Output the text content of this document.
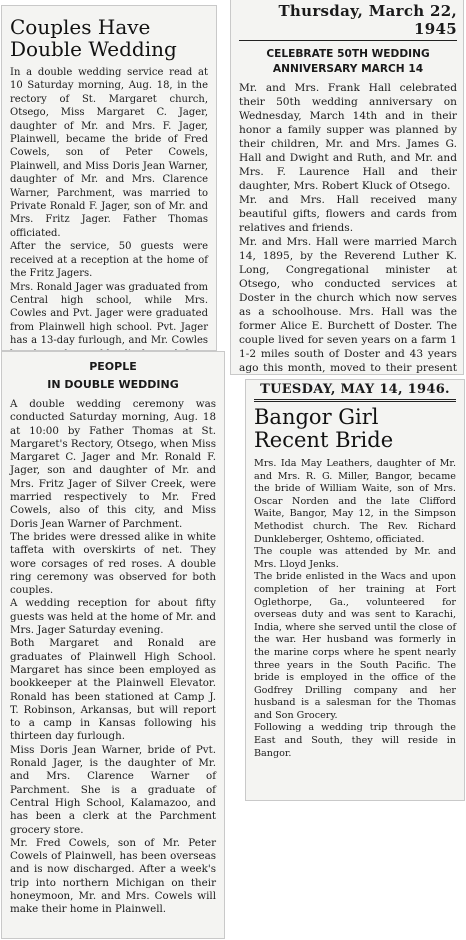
Couples Have
Double Wedding

In a double wedding service read at 10 Saturday morning, Aug. 18, in the rectory of St. Margaret church, Otsego, Miss Margaret C. Jager, daughter of Mr. and Mrs. F. Jager, Plainwell, became the bride of Fred Cowels, son of Peter Cowels, Plainwell, and Miss Doris Jean Warner, daughter of Mr. and Mrs. Clarence Warner, Parchment, was married to Private Ronald F. Jager, son of Mr. and Mrs. Fritz Jager. Father Thomas officiated.
After the service, 50 guests were received at a reception at the home of the Fritz Jagers.
Mrs. Ronald Jager was graduated from Central high school, while Mrs. Cowles and Pvt. Jager were graduated from Plainwell high school. Pvt. Jager has a 13-day furlough, and Mr. Cowles

Thursday, March 22, 1945

CELEBRATE 50TH WEDDING
ANNIVERSARY MARCH 14

Mr. and Mrs. Frank Hall celebrated their 50th wedding anniversary on Wednesday, March 14th and in their honor a family supper was planned by their children, Mr. and Mrs. James G. Hall and Dwight and Ruth, and Mr. and Mrs. F. Laurence Hall and their daughter, Mrs. Robert Kluck of Otsego.
Mr. and Mrs. Hall received many beautiful gifts, flowers and cards from relatives and friends.
Mr. and Mrs. Hall were married March 14, 1895, by the Reverend Luther K. Long, Congregational minister at Otsego, who conducted services at Doster in the church which now serves as a schoolhouse. Mrs. Hall was the former Alice E. Burchett of Doster. The couple lived for seven years on a farm 1 1-2 miles south of Doster and 43 years ago this month, moved to their present

PEOPLE
IN DOUBLE WEDDING

A double wedding ceremony was conducted Saturday morning, Aug. 18 at 10:00 by Father Thomas at St. Margaret's Rectory, Otsego, when Miss Margaret C. Jager and Mr. Ronald F. Jager, son and daughter of Mr. and Mrs. Fritz Jager of Silver Creek, were married respectively to Mr. Fred Cowels, also of this city, and Miss Doris Jean Warner of Parchment.
The brides were dressed alike in white taffeta with overskirts of net. They wore corsages of red roses. A double ring ceremony was observed for both couples.
A wedding reception for about fifty guests was held at the home of Mr. and Mrs. Jager Saturday evening.
Both Margaret and Ronald are graduates of Plainwell High School. Margaret has since been employed as bookkeeper at the Plainwell Elevator. Ronald has been stationed at Camp J. T. Robinson, Arkansas, but will report to a camp in Kansas following his thirteen day furlough.
Miss Doris Jean Warner, bride of Pvt. Ronald Jager, is the daughter of Mr. and Mrs. Clarence Warner of Parchment. She is a graduate of Central High School, Kalamazoo, and has been a clerk at the Parchment grocery store.
Mr. Fred Cowels, son of Mr. Peter Cowels of Plainwell, has been overseas and is now discharged. After a week's trip into northern Michigan on their honeymoon, Mr. and Mrs. Cowels will make their home in Plainwell.

TUESDAY, MAY 14, 1946.

Bangor Girl
Recent Bride

Mrs. Ida May Leathers, daughter of Mr. and Mrs. R. G. Miller, Bangor, became the bride of William Waite, son of Mrs. Oscar Norden and the late Clifford Waite, Bangor, May 12, in the Simpson Methodist church. The Rev. Richard Dunkleberger, Oshtemo, officiated.
The couple was attended by Mr. and Mrs. Lloyd Jenks.
The bride enlisted in the Wacs and upon completion of her training at Fort Oglethorpe, Ga., volunteered for overseas duty and was sent to Karachi, India, where she served until the close of the war. Her husband was formerly in the marine corps where he spent nearly three years in the South Pacific. The bride is employed in the office of the Godfrey Drilling company and her husband is a salesman for the Thomas and Son Grocery.
Following a wedding trip through the East and South, they will reside in Bangor.
